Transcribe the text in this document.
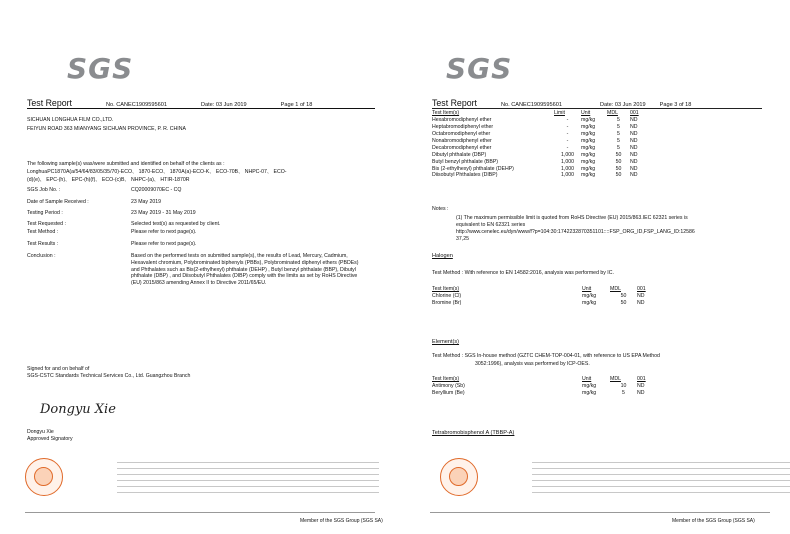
SGS
Test Report	No. CANEC1909595601	Date: 03 Jun 2019	Page 1 of 18
SICHUAN LONGHUA FILM CO.,LTD.
FEIYUN ROAD 363 MIANYANG SICHUAN PROVINCE, P. R. CHINA
The following sample(s) was/were submitted and identified on behalf of the clients as :
LonghuaPC1870A(a/54/64/83/05/35/70)-ECO、 1870-ECO、 1870A(a)-ECO-K、 ECO-70B、 NHPC-07、 ECO-
(d)(e)、 EPC-(h)、 EPC-(h)(f)、 ECO-(c)B、 NHPC-(a)、 HTIR-1870R
SGS Job No. :	CQ20009070EC - CQ
Date of Sample Received :	23 May 2019
Testing Period :	23 May 2019 - 31 May 2019
Test Requested :	Selected test(s) as requested by client.
Test Method :	Please refer to next page(s).
Test Results :	Please refer to next page(s).
Conclusion :	Based on the performed tests on submitted sample(s), the results of Lead, Mercury, Cadmium, Hexavalent chromium, Polybrominated biphenyls (PBBs), Polybrominated diphenyl ethers (PBDEs) and Phthalates such as Bis(2-ethylhexyl) phthalate (DEHP) , Butyl benzyl phthalate (BBP), Dibutyl phthalate (DBP) , and Diisobutyl Phthalates (DIBP) comply with the limits as set by RoHS Directive (EU) 2015/863 amending Annex II to Directive 2011/65/EU.
Signed for and on behalf of
SGS-CSTC Standards Technical Services Co., Ltd. Guangzhou Branch
Dongyu Xie
Dongyu Xie
Approved Signatory
Member of the SGS Group (SGS SA)
SGS
Test Report	No. CANEC1909595601	Date: 03 Jun 2019	Page 3 of 18
Test Item(s)	Limit	Unit	MDL	001
Hexabromodiphenyl ether	-	mg/kg	5	ND
Heptabromodiphenyl ether	-	mg/kg	5	ND
Octabromodiphenyl ether	-	mg/kg	5	ND
Nonabromodiphenyl ether	-	mg/kg	5	ND
Decabromodiphenyl ether	-	mg/kg	5	ND
Dibutyl phthalate (DBP)	1,000	mg/kg	50	ND
Butyl benzyl phthalate (BBP)	1,000	mg/kg	50	ND
Bis (2-ethylhexyl) phthalate (DEHP)	1,000	mg/kg	50	ND
Diisobutyl Phthalates (DIBP)	1,000	mg/kg	50	ND
Notes :
(1) The maximum permissible limit is quoted from RoHS Directive (EU) 2015/863.IEC 62321 series is
equivalent to EN 62321 series
http://www.cenelec.eu/dyn/www/f?p=104:30:1742232870351101::::FSP_ORG_ID,FSP_LANG_ID:12586
37,25
Halogen
Test Method : With reference to EN 14582:2016, analysis was performed by IC.
Test Item(s)	Unit	MDL	001
Chlorine (Cl)	mg/kg	50	ND
Bromine (Br)	mg/kg	50	ND
Element(s)
Test Method : SGS In-house method (GZTC CHEM-TOP-004-01, with reference to US EPA Method
3052:1996), analysis was performed by ICP-OES.
Test Item(s)	Unit	MDL	001
Antimony (Sb)	mg/kg	10	ND
Beryllium (Be)	mg/kg	5	ND
Tetrabromobisphenol A (TBBP-A)
Member of the SGS Group (SGS SA)
